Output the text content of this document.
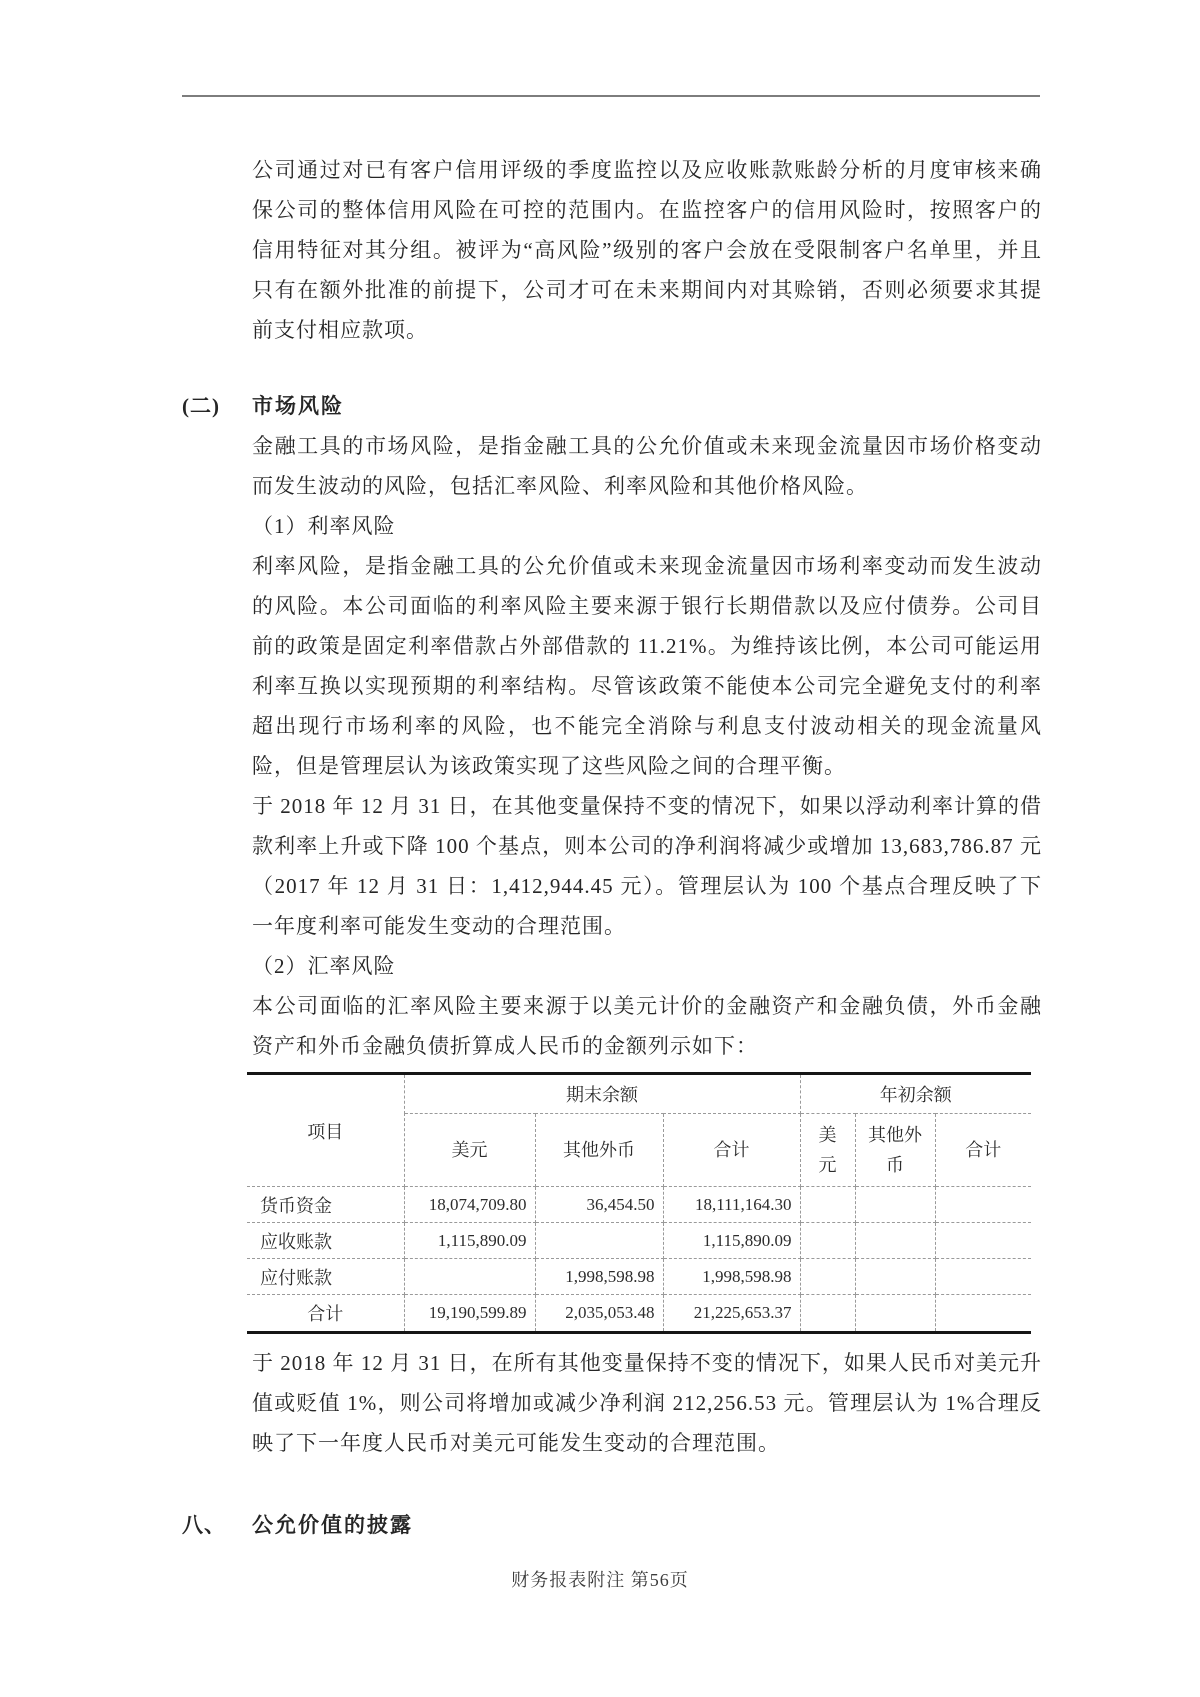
公司通过对已有客户信用评级的季度监控以及应收账款账龄分析的月度审核来确保公司的整体信用风险在可控的范围内。在监控客户的信用风险时，按照客户的信用特征对其分组。被评为“高风险”级别的客户会放在受限制客户名单里，并且只有在额外批准的前提下，公司才可在未来期间内对其赊销，否则必须要求其提前支付相应款项。

(二)	市场风险

金融工具的市场风险，是指金融工具的公允价值或未来现金流量因市场价格变动而发生波动的风险，包括汇率风险、利率风险和其他价格风险。

（1）利率风险

利率风险，是指金融工具的公允价值或未来现金流量因市场利率变动而发生波动的风险。本公司面临的利率风险主要来源于银行长期借款以及应付债券。公司目前的政策是固定利率借款占外部借款的 11.21%。为维持该比例，本公司可能运用利率互换以实现预期的利率结构。尽管该政策不能使本公司完全避免支付的利率超出现行市场利率的风险，也不能完全消除与利息支付波动相关的现金流量风险，但是管理层认为该政策实现了这些风险之间的合理平衡。

于 2018 年 12 月 31 日，在其他变量保持不变的情况下，如果以浮动利率计算的借款利率上升或下降 100 个基点，则本公司的净利润将减少或增加 13,683,786.87 元（2017 年 12 月 31 日：1,412,944.45 元）。管理层认为 100 个基点合理反映了下一年度利率可能发生变动的合理范围。

（2）汇率风险

本公司面临的汇率风险主要来源于以美元计价的金融资产和金融负债，外币金融资产和外币金融负债折算成人民币的金额列示如下：

项目	期末余额			年初余额		
	美元	其他外币	合计	美元	其他外币	合计
货币资金	18,074,709.80	36,454.50	18,111,164.30			
应收账款	1,115,890.09		1,115,890.09			
应付账款		1,998,598.98	1,998,598.98			
合计	19,190,599.89	2,035,053.48	21,225,653.37			

于 2018 年 12 月 31 日，在所有其他变量保持不变的情况下，如果人民币对美元升值或贬值 1%，则公司将增加或减少净利润 212,256.53 元。管理层认为 1%合理反映了下一年度人民币对美元可能发生变动的合理范围。

八、	公允价值的披露
财务报表附注 第56页
